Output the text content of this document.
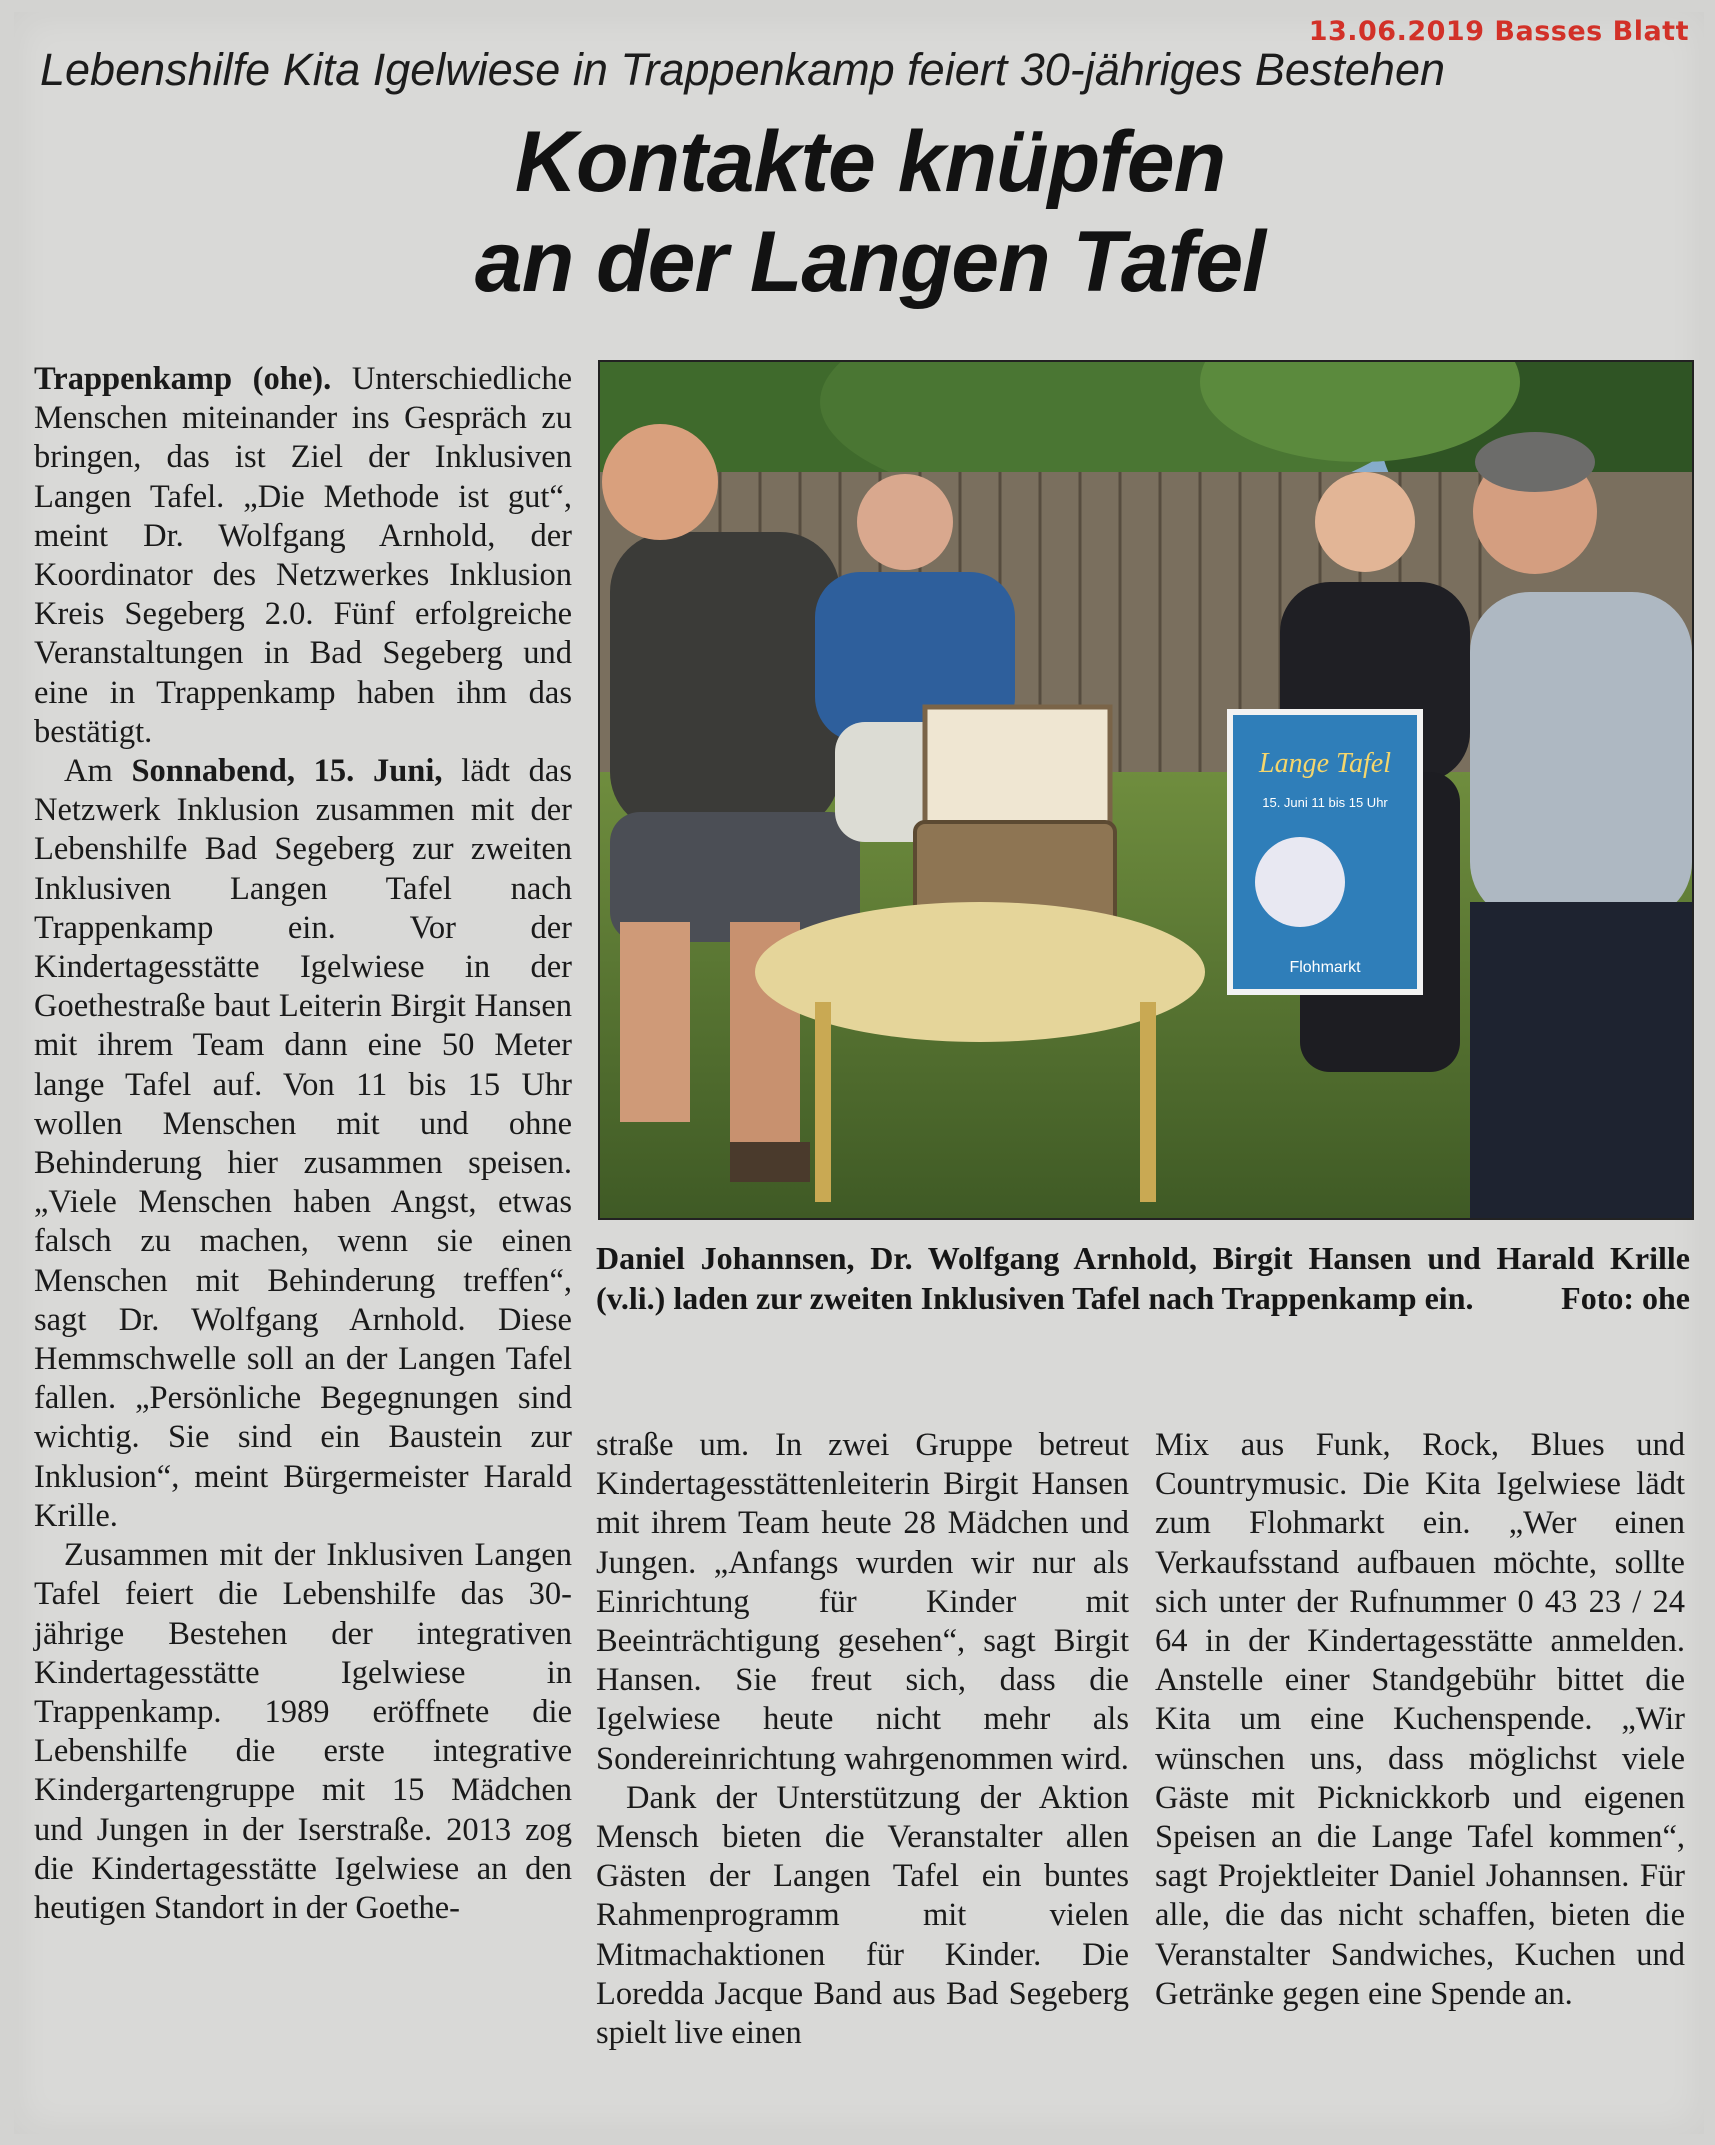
13.06.2019 Basses Blatt
Lebenshilfe Kita Igelwiese in Trappenkamp feiert 30-jähriges Bestehen
Kontakte knüpfen
an der Langen Tafel

Trappenkamp (ohe). Unterschiedliche Menschen miteinander ins Gespräch zu bringen, das ist Ziel der Inklusiven Langen Tafel. „Die Methode ist gut“, meint Dr. Wolfgang Arnhold, der Koordinator des Netzwerkes Inklusion Kreis Segeberg 2.0. Fünf erfolgreiche Veranstaltungen in Bad Segeberg und eine in Trappenkamp haben ihm das bestätigt.

Am Sonnabend, 15. Juni, lädt das Netzwerk Inklusion zusammen mit der Lebenshilfe Bad Segeberg zur zweiten Inklusiven Langen Tafel nach Trappenkamp ein. Vor der Kindertagesstätte Igelwiese in der Goethestraße baut Leiterin Birgit Hansen mit ihrem Team dann eine 50 Meter lange Tafel auf. Von 11 bis 15 Uhr wollen Menschen mit und ohne Behinderung hier zusammen speisen. „Viele Menschen haben Angst, etwas falsch zu machen, wenn sie einen Menschen mit Behinderung treffen“, sagt Dr. Wolfgang Arnhold. Diese Hemmschwelle soll an der Langen Tafel fallen. „Persönliche Begegnungen sind wichtig. Sie sind ein Baustein zur Inklusion“, meint Bürgermeister Harald Krille.

Zusammen mit der Inklusiven Langen Tafel feiert die Lebenshilfe das 30-jährige Bestehen der integrativen Kindertagesstätte Igelwiese in Trappenkamp. 1989 eröffnete die Lebenshilfe die erste integrative Kindergartengruppe mit 15 Mädchen und Jungen in der Iserstraße. 2013 zog die Kindertagesstätte Igelwiese an den heutigen Standort in der Goethe-

Lange Tafel
15. Juni 11 bis 15 Uhr
Flohmarkt
Daniel Johannsen, Dr. Wolfgang Arnhold, Birgit Hansen und Harald Krille (v.li.) laden zur zweiten Inklusiven Tafel nach Trappenkamp ein.	Foto: ohe

straße um. In zwei Gruppe betreut Kindertagesstättenleiterin Birgit Hansen mit ihrem Team heute 28 Mädchen und Jungen. „Anfangs wurden wir nur als Einrichtung für Kinder mit Beeinträchtigung gesehen“, sagt Birgit Hansen. Sie freut sich, dass die Igelwiese heute nicht mehr als Sondereinrichtung wahrgenommen wird.

Dank der Unterstützung der Aktion Mensch bieten die Veranstalter allen Gästen der Langen Tafel ein buntes Rahmenprogramm mit vielen Mitmachaktionen für Kinder. Die Loredda Jacque Band aus Bad Segeberg spielt live einen

Mix aus Funk, Rock, Blues und Countrymusic. Die Kita Igelwiese lädt zum Flohmarkt ein. „Wer einen Verkaufsstand aufbauen möchte, sollte sich unter der Rufnummer 0 43 23 / 24 64 in der Kindertagesstätte anmelden. Anstelle einer Standgebühr bittet die Kita um eine Kuchenspende. „Wir wünschen uns, dass möglichst viele Gäste mit Picknickkorb und eigenen Speisen an die Lange Tafel kommen“, sagt Projektleiter Daniel Johannsen. Für alle, die das nicht schaffen, bieten die Veranstalter Sandwiches, Kuchen und Getränke gegen eine Spende an.
